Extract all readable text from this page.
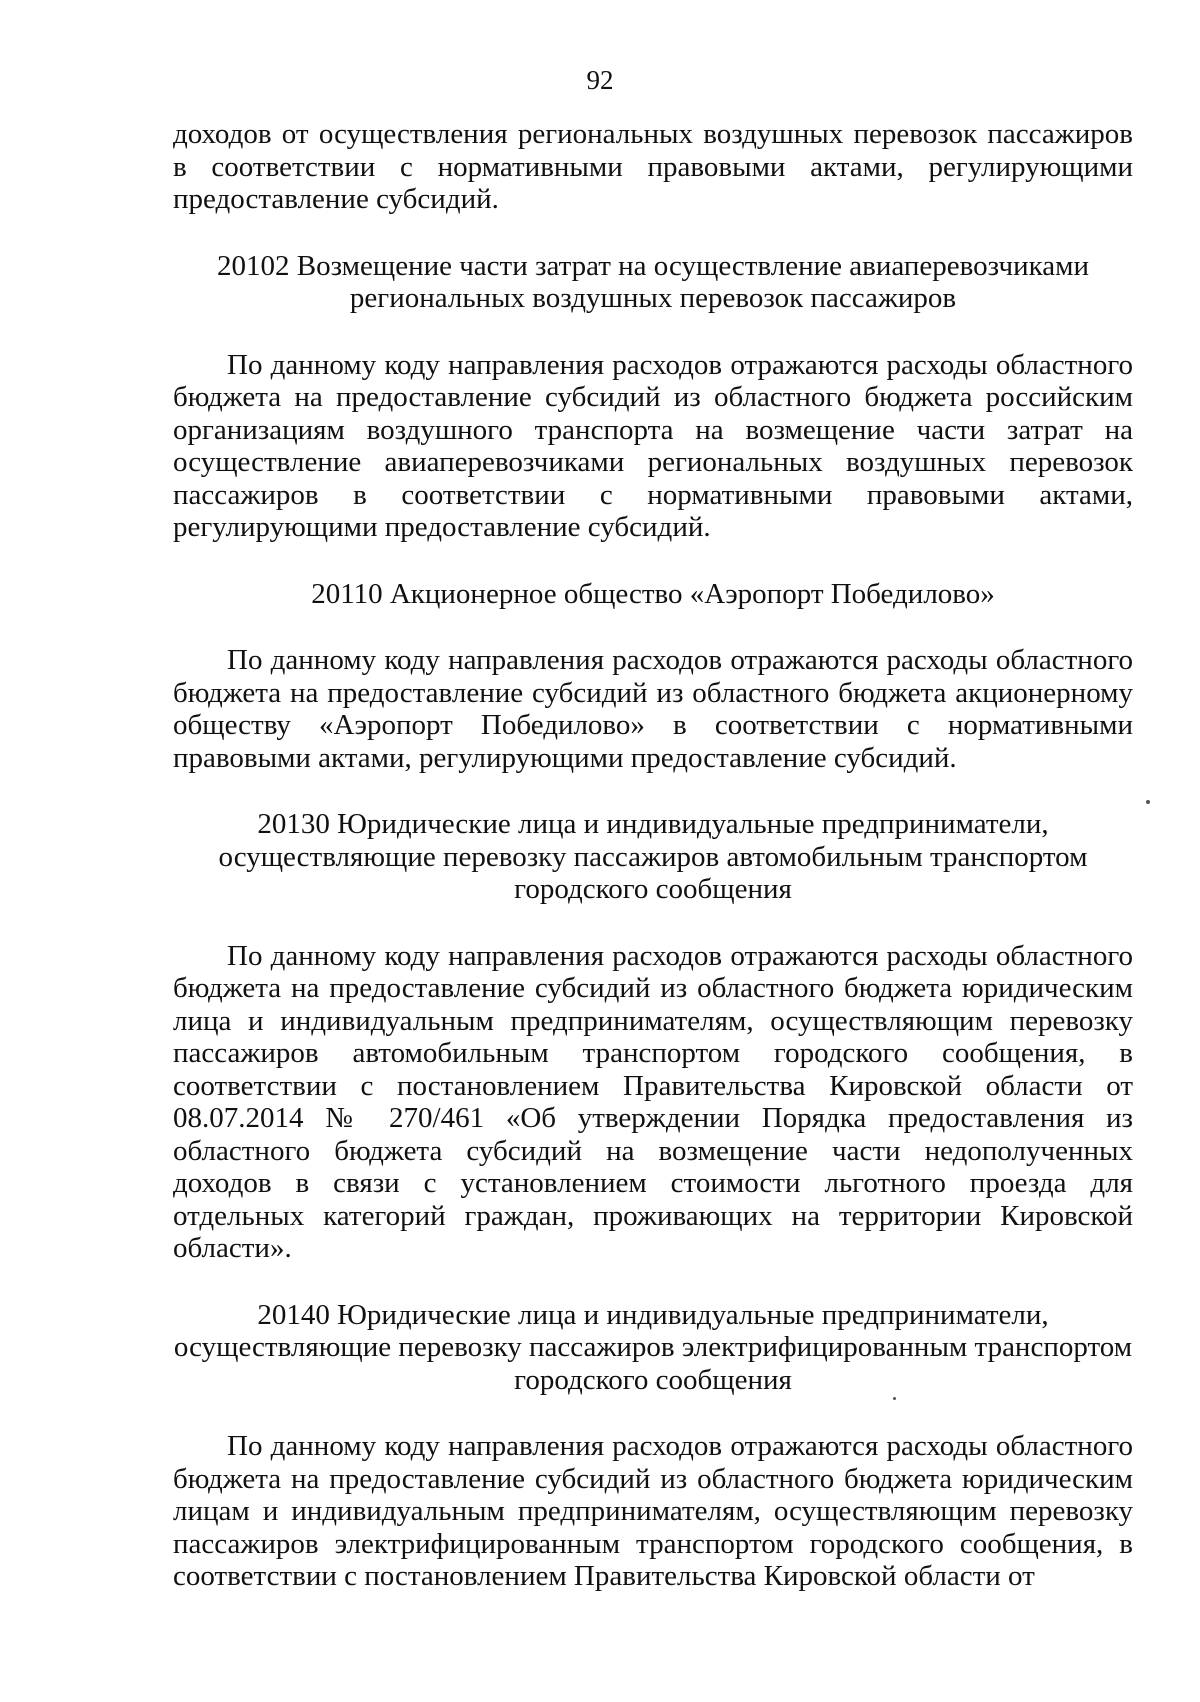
92

доходов от осуществления региональных воздушных перевозок пассажиров в соответствии с нормативными правовыми актами, регулирующими предоставление субсидий.

20102 Возмещение части затрат на осуществление авиаперевозчиками
региональных воздушных перевозок пассажиров

По данному коду направления расходов отражаются расходы областного бюджета на предоставление субсидий из областного бюджета российским организациям воздушного транспорта на возмещение части затрат на осуществление авиаперевозчиками региональных воздушных перевозок пассажиров в соответствии с нормативными правовыми актами, регулирующими предоставление субсидий.

20110 Акционерное общество «Аэропорт Победилово»

По данному коду направления расходов отражаются расходы областного бюджета на предоставление субсидий из областного бюджета акционерному обществу «Аэропорт Победилово» в соответствии с нормативными правовыми актами, регулирующими предоставление субсидий.

20130 Юридические лица и индивидуальные предприниматели,
осуществляющие перевозку пассажиров автомобильным транспортом
городского сообщения

По данному коду направления расходов отражаются расходы областного бюджета на предоставление субсидий из областного бюджета юридическим лица и индивидуальным предпринимателям, осуществляющим перевозку пассажиров автомобильным транспортом городского сообщения, в соответствии с постановлением Правительства Кировской области от 08.07.2014 № 270/461 «Об утверждении Порядка предоставления из областного бюджета субсидий на возмещение части недополученных доходов в связи с установлением стоимости льготного проезда для отдельных категорий граждан, проживающих на территории Кировской области».

20140 Юридические лица и индивидуальные предприниматели,
осуществляющие перевозку пассажиров электрифицированным транспортом
городского сообщения

По данному коду направления расходов отражаются расходы областного бюджета на предоставление субсидий из областного бюджета юридическим лицам и индивидуальным предпринимателям, осуществляющим перевозку пассажиров электрифицированным транспортом городского сообщения, в соответствии с постановлением Правительства Кировской области от
